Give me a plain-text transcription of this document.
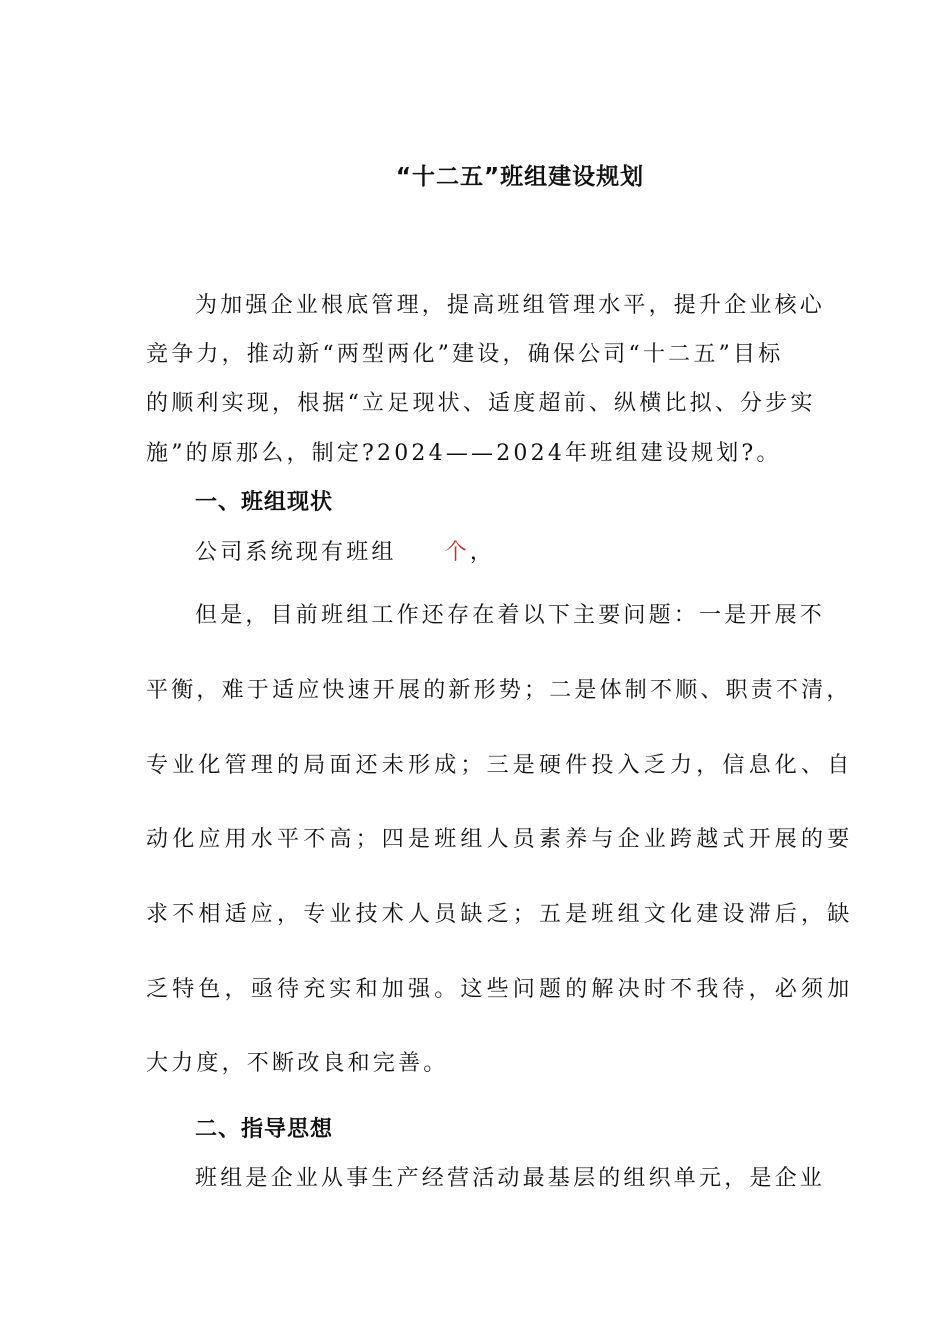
“十二五”班组建设规划
为加强企业根底管理，提高班组管理水平，提升企业核心
竞争力，推动新“两型两化”建设，确保公司“十二五”目标
的顺利实现，根据“立足现状、适度超前、纵横比拟、分步实
施”的原那么，制定?2024——2024年班组建设规划?。
一、班组现状
公司系统现有班组 个，
但是，目前班组工作还存在着以下主要问题：一是开展不
平衡，难于适应快速开展的新形势；二是体制不顺、职责不清，
专业化管理的局面还未形成；三是硬件投入乏力，信息化、自
动化应用水平不高；四是班组人员素养与企业跨越式开展的要
求不相适应，专业技术人员缺乏；五是班组文化建设滞后，缺
乏特色，亟待充实和加强。这些问题的解决时不我待，必须加
大力度，不断改良和完善。
二、指导思想
班组是企业从事生产经营活动最基层的组织单元，是企业
